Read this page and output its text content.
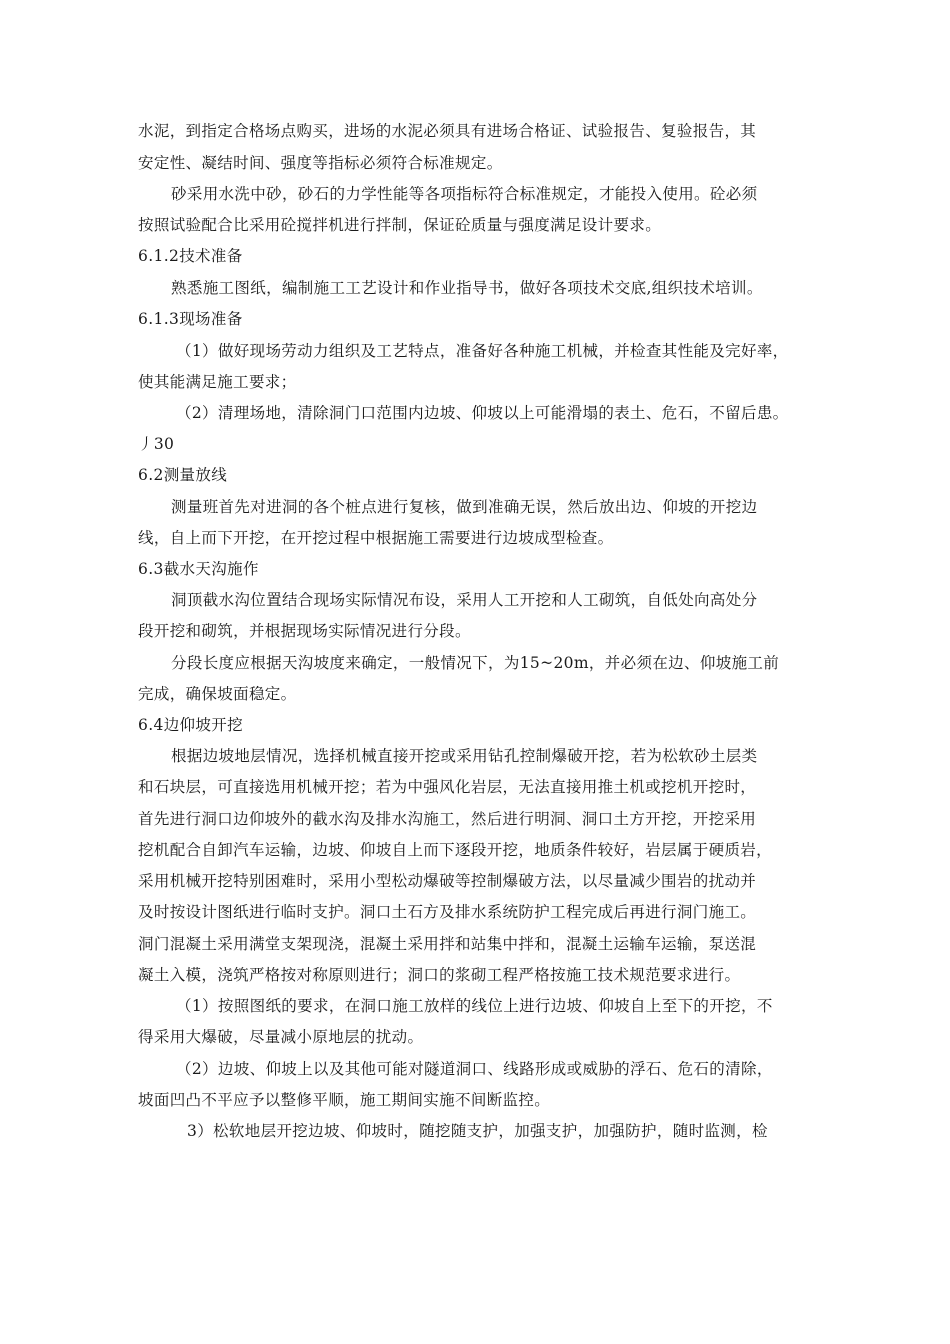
水泥，到指定合格场点购买，进场的水泥必须具有进场合格证、试验报告、复验报告，其
安定性、凝结时间、强度等指标必须符合标准规定。
砂采用水洗中砂，砂石的力学性能等各项指标符合标准规定，才能投入使用。砼必须
按照试验配合比采用砼搅拌机进行拌制，保证砼质量与强度满足设计要求。
6.1.2技术准备
熟悉施工图纸，编制施工工艺设计和作业指导书，做好各项技术交底,组织技术培训。
6.1.3现场准备
（1）做好现场劳动力组织及工艺特点，准备好各种施工机械，并检查其性能及完好率，
使其能满足施工要求；
（2）清理场地，清除洞门口范围内边坡、仰坡以上可能滑塌的表土、危石，不留后患。
丿30
6.2测量放线
测量班首先对进洞的各个桩点进行复核，做到准确无误，然后放出边、仰坡的开挖边
线，自上而下开挖，在开挖过程中根据施工需要进行边坡成型检查。
6.3截水天沟施作
洞顶截水沟位置结合现场实际情况布设，采用人工开挖和人工砌筑，自低处向高处分
段开挖和砌筑，并根据现场实际情况进行分段。
分段长度应根据天沟坡度来确定，一般情况下，为15~20m，并必须在边、仰坡施工前
完成，确保坡面稳定。
6.4边仰坡开挖
根据边坡地层情况，选择机械直接开挖或采用钻孔控制爆破开挖，若为松软砂土层类
和石块层，可直接选用机械开挖；若为中强风化岩层，无法直接用推土机或挖机开挖时，
首先进行洞口边仰坡外的截水沟及排水沟施工，然后进行明洞、洞口土方开挖，开挖采用
挖机配合自卸汽车运输，边坡、仰坡自上而下逐段开挖，地质条件较好，岩层属于硬质岩，
采用机械开挖特别困难时，采用小型松动爆破等控制爆破方法，以尽量减少围岩的扰动并
及时按设计图纸进行临时支护。洞口土石方及排水系统防护工程完成后再进行洞门施工。
洞门混凝土采用满堂支架现浇，混凝土采用拌和站集中拌和，混凝土运输车运输，泵送混
凝土入模，浇筑严格按对称原则进行；洞口的浆砌工程严格按施工技术规范要求进行。
（1）按照图纸的要求，在洞口施工放样的线位上进行边坡、仰坡自上至下的开挖，不
得采用大爆破，尽量减小原地层的扰动。
（2）边坡、仰坡上以及其他可能对隧道洞口、线路形成或威胁的浮石、危石的清除，
坡面凹凸不平应予以整修平顺，施工期间实施不间断监控。
3）松软地层开挖边坡、仰坡时，随挖随支护，加强支护，加强防护，随时监测，检
